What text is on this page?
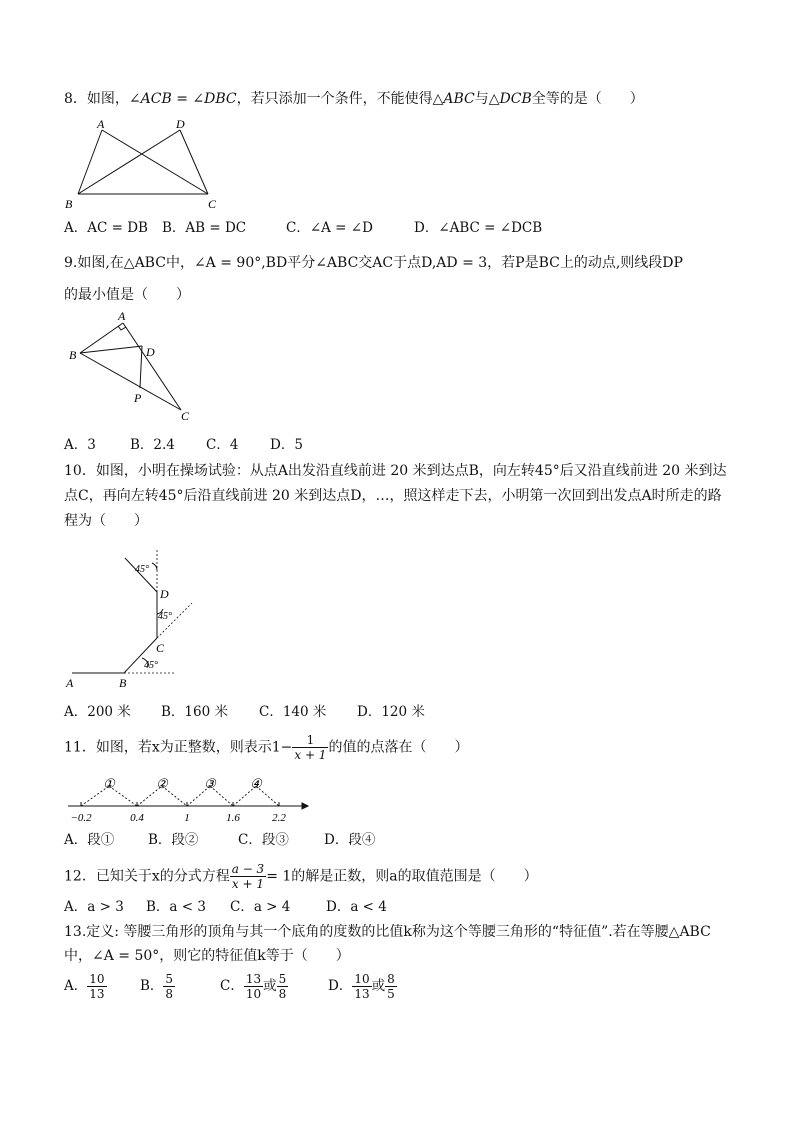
8．如图，∠ACB = ∠DBC，若只添加一个条件，不能使得△ABC与△DCB全等的是（　　）
A	D
B	C
A．AC = DB B．AB = DC	C．∠A = ∠D	D．∠ABC = ∠DCB
9.如图,在△ABC中，∠A = 90°,BD平分∠ABC交AC于点D,AD = 3，若P是BC上的动点,则线段DP
的最小值是（　　）
A
B	D
P
C
A．3	B．2.4 C．4 D．5
10．如图，小明在操场试验：从点A出发沿直线前进 20 米到达点B，向左转45°后又沿直线前进 20 米到达
点C，再向左转45°后沿直线前进 20 米到达点D，…，照这样走下去，小明第一次回到出发点A时所走的路
程为（　　）
A	B
C
D
45°
45°
45°
A．200 米 B．160 米 C．140 米 D．120 米
11．如图，若x为正整数，则表示$1- \frac{1}{x + 1}$ 的值的点落在（　　）
①	②	③	④
−0.2	0.4	1	1.6	2.2
A．段①	B．段②	C．段③	D．段④
12．已知关于x的分式方程 $\frac{a - 3}{x + 1} = 1$的解是正数，则a的取值范围是（　　）
A．a > 3 B．a < 3 C．a > 4	D．a < 4
13.定义: 等腰三角形的顶角与其一个底角的度数的比值k称为这个等腰三角形的“特征值”.若在等腰△ABC
中，∠A = 50°，则它的特征值k等于（　　）
A． $\frac{10}{13}$ B． $\frac{5}{8}$	C． $\frac{13}{10}$ 或 $\frac{5}{8}$	D． $\frac{10}{13}$ 或 $\frac{8}{5}$
